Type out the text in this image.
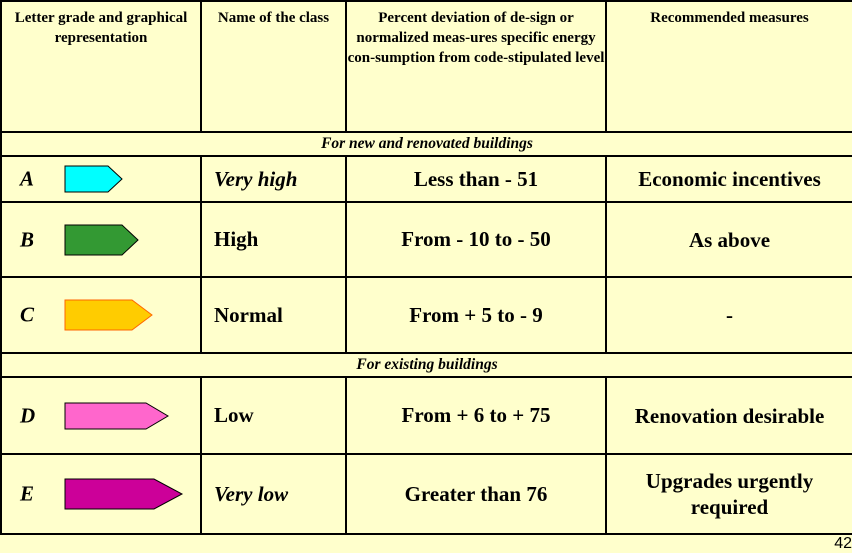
Letter grade and graphical representation	Name of the class	Percent deviation of de-sign or normalized meas-ures specific energy con-sumption from code-stipulated level	Recommended measures
For new and renovated buildings			

A	Very high	Less than - 51	Economic incentives

B	High	From - 10 to - 50	As above

C	Normal	From + 5 to - 9	-
For existing buildings			

D	Low	From + 6 to + 75	Renovation desirable

E	Very low	Greater than 76	Upgrades urgently required
42
